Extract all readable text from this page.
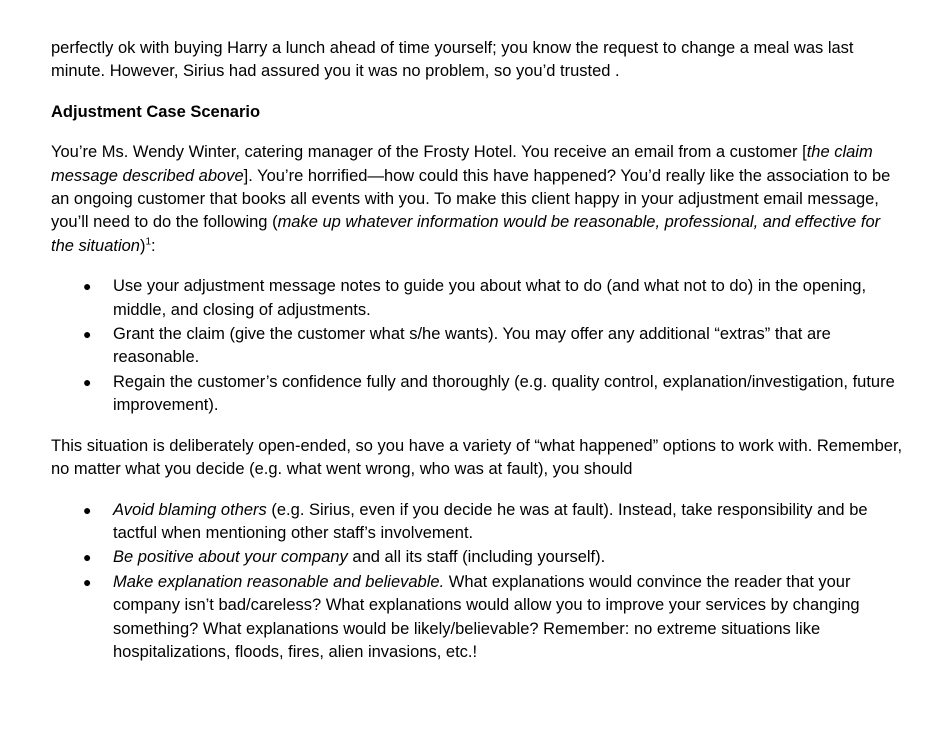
perfectly ok with buying Harry a lunch ahead of time yourself; you know the request to change a meal was last minute. However, Sirius had assured you it was no problem, so you’d trusted .

Adjustment Case Scenario

You’re Ms. Wendy Winter, catering manager of the Frosty Hotel. You receive an email from a customer [the claim message described above]. You’re horrified—how could this have happened? You’d really like the association to be an ongoing customer that books all events with you. To make this client happy in your adjustment email message, you’ll need to do the following (make up whatever information would be reasonable, professional, and effective for the situation)$^1$:

● Use your adjustment message notes to guide you about what to do (and what not to do) in the opening, middle, and closing of adjustments.
● Grant the claim (give the customer what s/he wants). You may offer any additional “extras” that are reasonable.
● Regain the customer’s confidence fully and thoroughly (e.g. quality control, explanation/investigation, future improvement).

This situation is deliberately open-ended, so you have a variety of “what happened” options to work with. Remember, no matter what you decide (e.g. what went wrong, who was at fault), you should

● Avoid blaming others (e.g. Sirius, even if you decide he was at fault). Instead, take responsibility and be tactful when mentioning other staff’s involvement.
● Be positive about your company and all its staff (including yourself).
● Make explanation reasonable and believable. What explanations would convince the reader that your company isn’t bad/careless? What explanations would allow you to improve your services by changing something? What explanations would be likely/believable? Remember: no extreme situations like hospitalizations, floods, fires, alien invasions, etc.!
